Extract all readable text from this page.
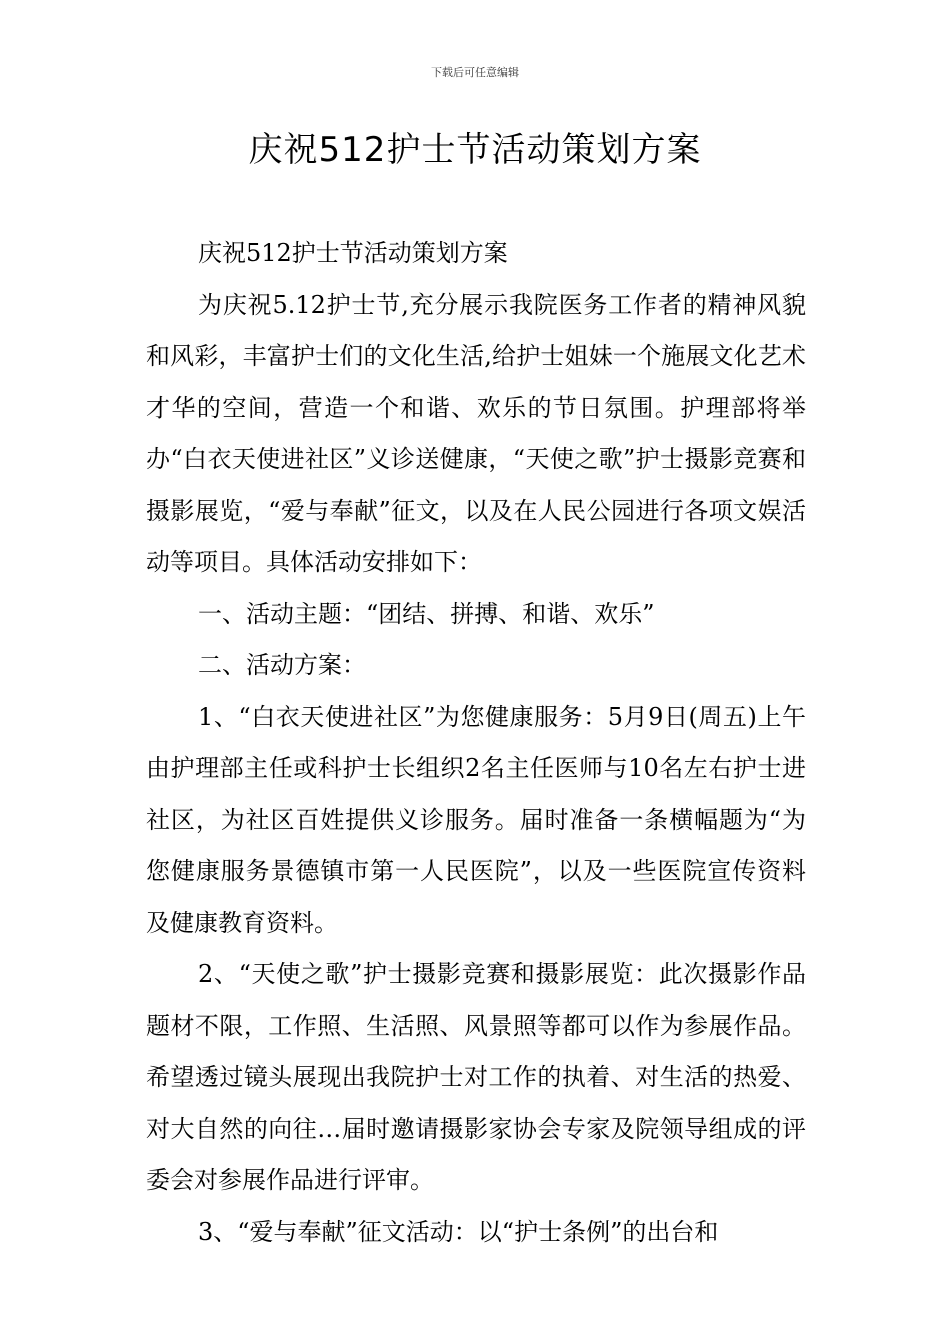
下载后可任意编辑
庆祝512护士节活动策划方案

庆祝512护士节活动策划方案

为庆祝5.12护士节,充分展示我院医务工作者的精神风貌和风彩，丰富护士们的文化生活,给护士姐妹一个施展文化艺术才华的空间，营造一个和谐、欢乐的节日氛围。护理部将举办“白衣天使进社区”义诊送健康，“天使之歌”护士摄影竞赛和摄影展览，“爱与奉献”征文，以及在人民公园进行各项文娱活动等项目。具体活动安排如下：

一、活动主题：“团结、拼搏、和谐、欢乐”

二、活动方案：

1、“白衣天使进社区”为您健康服务：5月9日(周五)上午由护理部主任或科护士长组织2名主任医师与10名左右护士进社区，为社区百姓提供义诊服务。届时准备一条横幅题为“为您健康服务景德镇市第一人民医院”，以及一些医院宣传资料及健康教育资料。

2、“天使之歌”护士摄影竞赛和摄影展览：此次摄影作品题材不限，工作照、生活照、风景照等都可以作为参展作品。希望透过镜头展现出我院护士对工作的执着、对生活的热爱、对大自然的向往…届时邀请摄影家协会专家及院领导组成的评委会对参展作品进行评审。

3、“爱与奉献”征文活动：以“护士条例”的出台和
